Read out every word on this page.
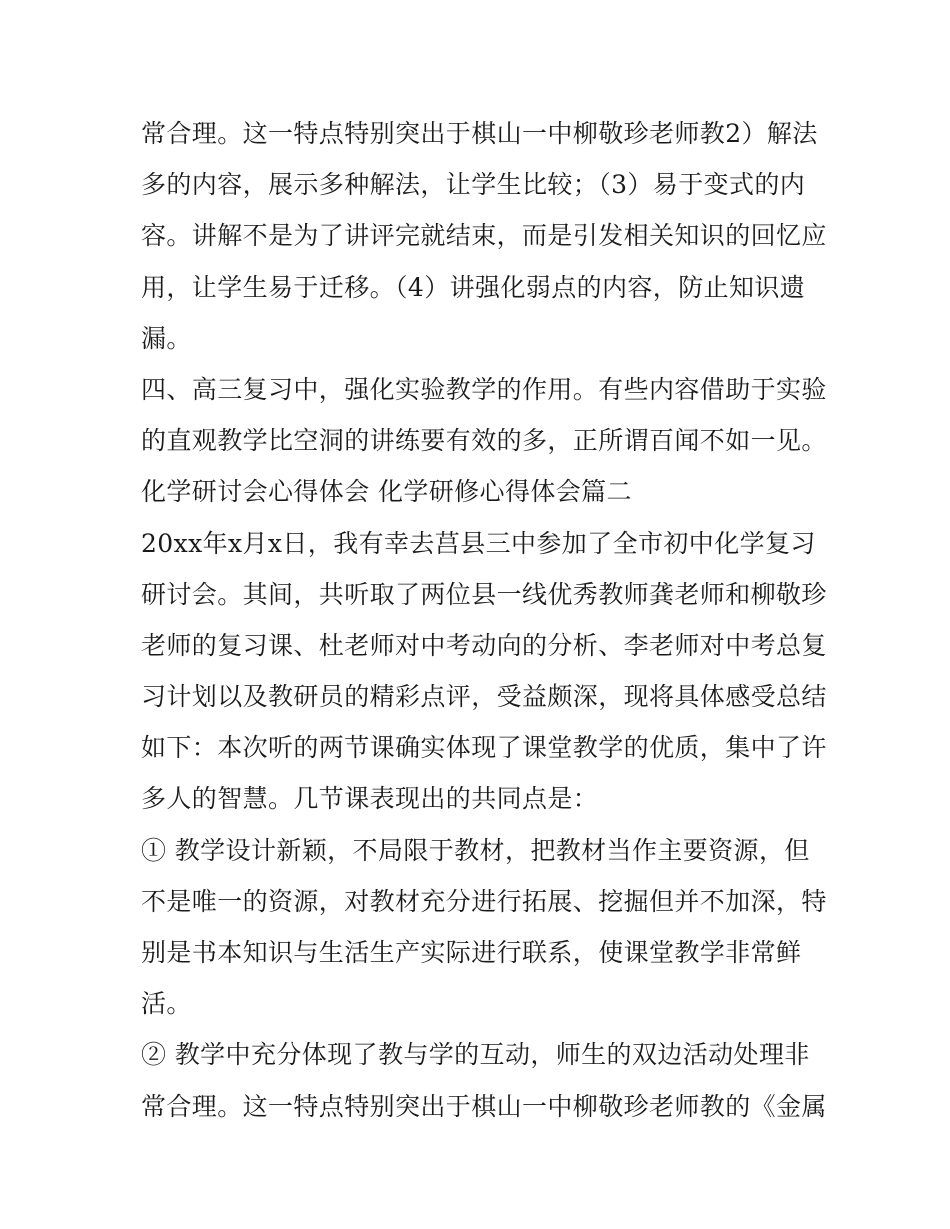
常合理。这一特点特别突出于棋山一中柳敬珍老师教2）解法
多的内容，展示多种解法，让学生比较；（3）易于变式的内
容。讲解不是为了讲评完就结束，而是引发相关知识的回忆应
用，让学生易于迁移。（4）讲强化弱点的内容，防止知识遗
漏。
四、高三复习中，强化实验教学的作用。有些内容借助于实验
的直观教学比空洞的讲练要有效的多，正所谓百闻不如一见。
化学研讨会心得体会 化学研修心得体会篇二
20xx年x月x日，我有幸去莒县三中参加了全市初中化学复习
研讨会。其间，共听取了两位县一线优秀教师龚老师和柳敬珍
老师的复习课、杜老师对中考动向的分析、李老师对中考总复
习计划以及教研员的精彩点评，受益颇深，现将具体感受总结
如下：本次听的两节课确实体现了课堂教学的优质，集中了许
多人的智慧。几节课表现出的共同点是：
① 教学设计新颖，不局限于教材，把教材当作主要资源，但
不是唯一的资源，对教材充分进行拓展、挖掘但并不加深，特
别是书本知识与生活生产实际进行联系，使课堂教学非常鲜
活。
② 教学中充分体现了教与学的互动，师生的双边活动处理非
常合理。这一特点特别突出于棋山一中柳敬珍老师教的《金属
